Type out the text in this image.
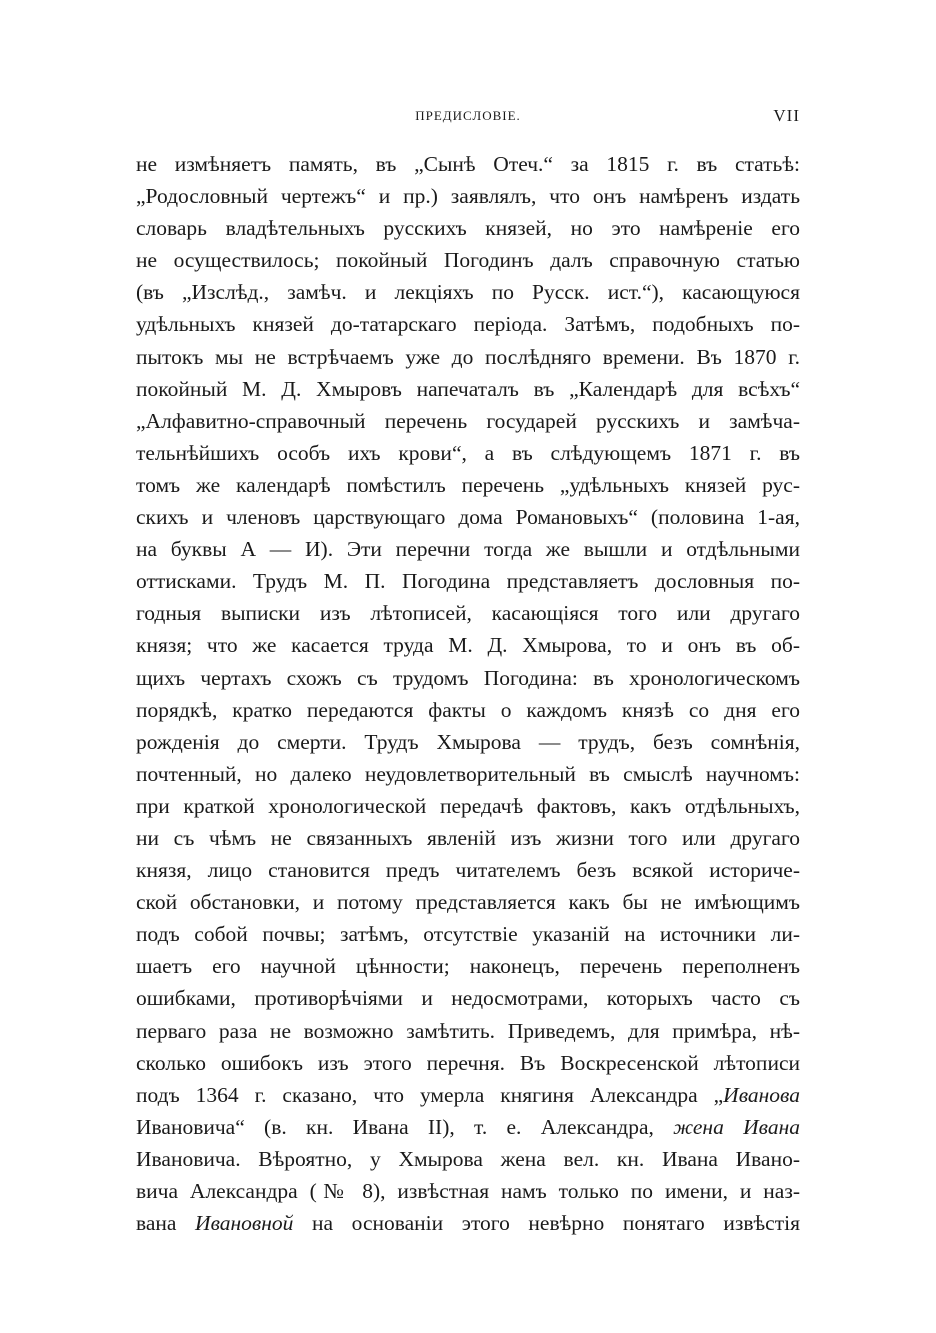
ПРЕДИСЛОВІЕ.	VII
не измѣняетъ память, въ „Сынѣ Отеч.“ за 1815 г. въ статьѣ:
„Родословный чертежъ“ и пр.) заявлялъ, что онъ намѣренъ издать
словарь владѣтельныхъ русскихъ князей, но это намѣреніе его
не осуществилось; покойный Погодинъ далъ справочную статью
(въ „Изслѣд., замѣч. и лекціяхъ по Русск. ист.“), касающуюся
удѣльныхъ князей до-татарскаго періода. Затѣмъ, подобныхъ по-
пытокъ мы не встрѣчаемъ уже до послѣдняго времени. Въ 1870 г.
покойный М. Д. Хмыровъ напечаталъ въ „Календарѣ для всѣхъ“
„Алфавитно-справочный перечень государей русскихъ и замѣча-
тельнѣйшихъ особъ ихъ крови“, а въ слѣдующемъ 1871 г. въ
томъ же календарѣ помѣстилъ перечень „удѣльныхъ князей рус-
скихъ и членовъ царствующаго дома Романовыхъ“ (половина 1-ая,
на буквы А — И). Эти перечни тогда же вышли и отдѣльными
оттисками. Трудъ М. П. Погодина представляетъ дословныя по-
годныя выписки изъ лѣтописей, касающіяся того или другаго
князя; что же касается труда М. Д. Хмырова, то и онъ въ об-
щихъ чертахъ схожъ съ трудомъ Погодина: въ хронологическомъ
порядкѣ, кратко передаются факты о каждомъ князѣ со дня его
рожденія до смерти. Трудъ Хмырова — трудъ, безъ сомнѣнія,
почтенный, но далеко неудовлетворительный въ смыслѣ научномъ:
при краткой хронологической передачѣ фактовъ, какъ отдѣльныхъ,
ни съ чѣмъ не связанныхъ явленій изъ жизни того или другаго
князя, лицо становится предъ читателемъ безъ всякой историче-
ской обстановки, и потому представляется какъ бы не имѣющимъ
подъ собой почвы; затѣмъ, отсутствіе указаній на источники ли-
шаетъ его научной цѣнности; наконецъ, перечень переполненъ
ошибками, противорѣчіями и недосмотрами, которыхъ часто съ
перваго раза не возможно замѣтить. Приведемъ, для примѣра, нѣ-
сколько ошибокъ изъ этого перечня. Въ Воскресенской лѣтописи
подъ 1364 г. сказано, что умерла княгиня Александра „Иванова
Ивановича“ (в. кн. Ивана II), т. е. Александра, жена Ивана
Ивановича. Вѣроятно, у Хмырова жена вел. кн. Ивана Ивано-
вича Александра (№ 8), извѣстная намъ только по имени, и наз-
вана Ивановной на основаніи этого невѣрно понятаго извѣстія
